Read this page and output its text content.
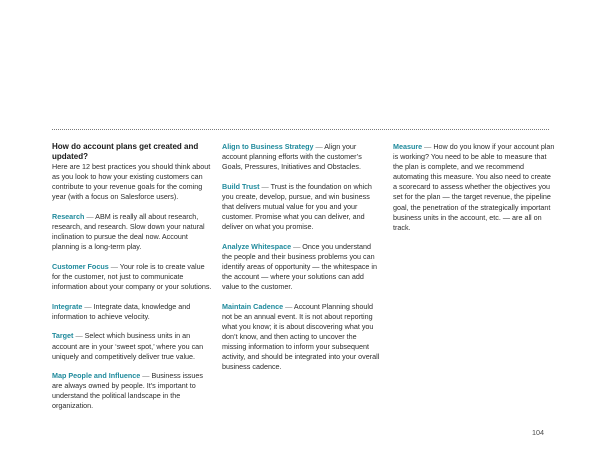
How do account plans get created and updated?

Here are 12 best practices you should think about as you look to how your existing customers can contribute to your revenue goals for the coming year (with a focus on Salesforce users).

Research — ABM is really all about research, research, and research. Slow down your natural inclination to pursue the deal now. Account planning is a long-term play.

Customer Focus — Your role is to create value for the customer, not just to communicate information about your company or your solutions.

Integrate — Integrate data, knowledge and information to achieve velocity.

Target — Select which business units in an account are in your ‘sweet spot,’ where you can uniquely and competitively deliver true value.

Map People and Influence — Business issues are always owned by people. It’s important to understand the political landscape in the organization.

Align to Business Strategy — Align your account planning efforts with the customer’s Goals, Pressures, Initiatives and Obstacles.

Build Trust — Trust is the foundation on which you create, develop, pursue, and win business that delivers mutual value for you and your customer. Promise what you can deliver, and deliver on what you promise.

Analyze Whitespace — Once you understand the people and their business problems you can identify areas of opportunity — the whitespace in the account — where your solutions can add value to the customer.

Maintain Cadence — Account Planning should not be an annual event. It is not about reporting what you know; it is about discovering what you don’t know, and then acting to uncover the missing information to inform your subsequent activity, and should be integrated into your overall business cadence.

Measure — How do you know if your account plan is working? You need to be able to measure that the plan is complete, and we recommend automating this measure. You also need to create a scorecard to assess whether the objectives you set for the plan — the target revenue, the pipeline goal, the penetration of the strategically important business units in the account, etc. — are all on track.

104
